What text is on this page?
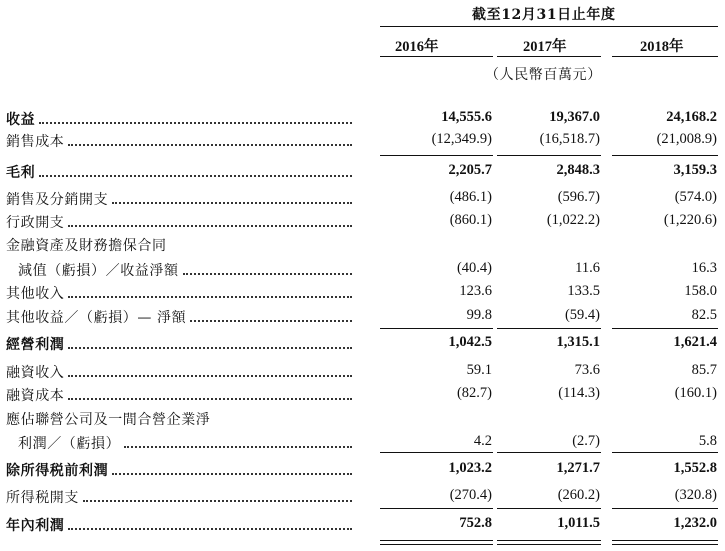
截至12月31日止年度
2016年	2017年	2018年
（人民幣百萬元）
收益	14,555.6	19,367.0	24,168.2
銷售成本	(12,349.9)	(16,518.7)	(21,008.9)
毛利	2,205.7	2,848.3	3,159.3
銷售及分銷開支	(486.1)	(596.7)	(574.0)
行政開支	(860.1)	(1,022.2)	(1,220.6)
金融資產及財務擔保合同
減值（虧損）／收益淨額	(40.4)	11.6	16.3
其他收入	123.6	133.5	158.0
其他收益／（虧損）— 淨額	99.8	(59.4)	82.5
經營利潤	1,042.5	1,315.1	1,621.4
融資收入	59.1	73.6	85.7
融資成本	(82.7)	(114.3)	(160.1)
應佔聯營公司及一間合營企業淨
利潤／（虧損）	4.2	(2.7)	5.8
除所得税前利潤	1,023.2	1,271.7	1,552.8
所得税開支	(270.4)	(260.2)	(320.8)
年內利潤	752.8	1,011.5	1,232.0
